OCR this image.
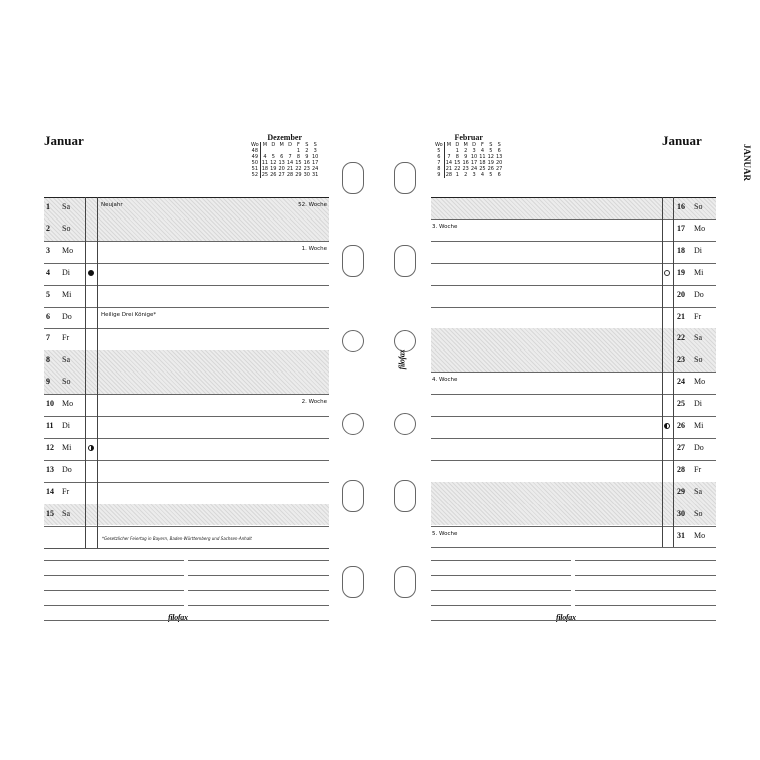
Januar	Dezember
Wo	M	D	M	D	F	S	S
48					1	2	3
49	4	5	6	7	8	9	10
50	11	12	13	14	15	16	17
51	18	19	20	21	22	23	24
52	25	26	27	28	29	30	31
1 Sa	Neujahr	52. Woche
2 So
3 Mo	1. Woche
4 Di
5 Mi
6 Do	Heilige Drei Könige*
7 Fr
8 Sa
9 So
10 Mo	2. Woche
11 Di
12 Mi
13 Do
14 Fr
15 Sa
*Gesetzlicher Feiertag in Bayern, Baden-Württemberg und Sachsen-Anhalt
filofax
Januar
JANUAR
Februar
Wo	M	D	M	D	F	S	S
5		1	2	3	4	5	6
6	7	8	9	10	11	12	13
7	14	15	16	17	18	19	20
8	21	22	23	24	25	26	27
9	28	1	2	3	4	5	6
16 So
17 Mo
3. Woche
18 Di
19 Mi
20 Do
21 Fr
22 Sa
23 So
24 Mo
4. Woche
25 Di
26 Mi
27 Do
28 Fr
29 Sa
30 So
31 Mo
5. Woche
filofax
filofax
